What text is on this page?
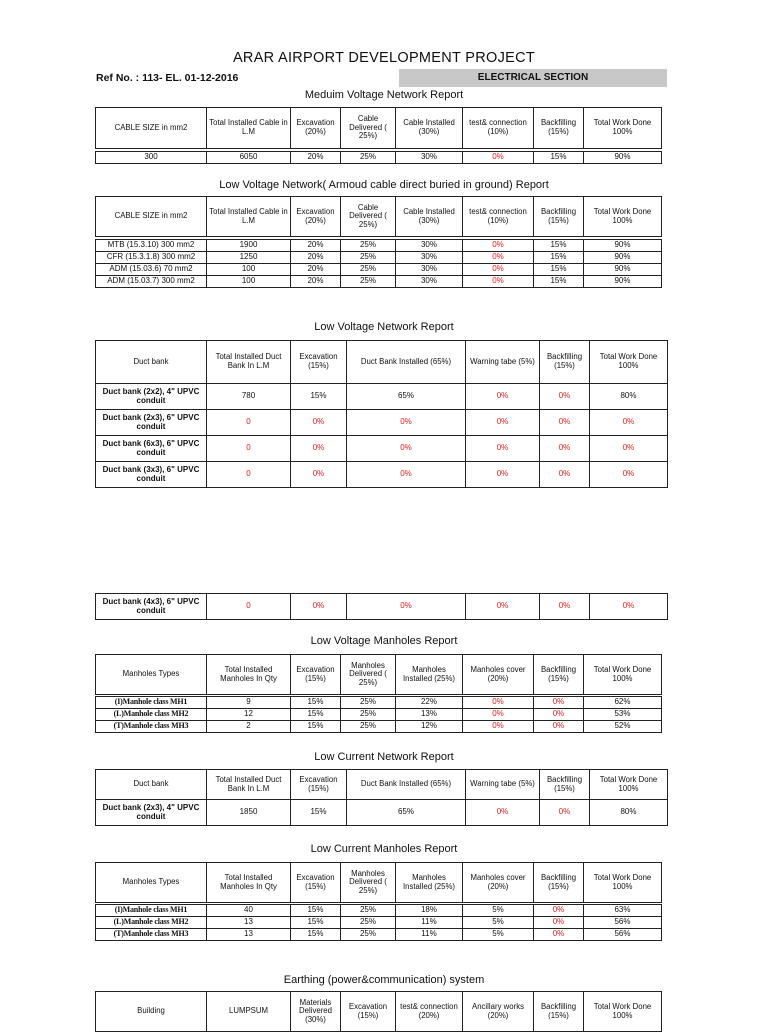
ARAR AIRPORT DEVELOPMENT PROJECT
Ref No. : 113- EL. 01-12-2016	ELECTRICAL SECTION
Meduim Voltage Network Report
CABLE SIZE in mm2	Total Installed Cable in L.M	Excavation (20%)	Cable Delivered ( 25%)	Cable Installed (30%)	test& connection (10%)	Backfilling (15%)	Total Work Done 100%

300	6050	20%	25%	30%	0%	15%	90%
Low Voltage Network( Armoud cable direct buried in ground) Report
CABLE SIZE in mm2	Total Installed Cable in L.M	Excavation (20%)	Cable Delivered ( 25%)	Cable Installed (30%)	test& connection (10%)	Backfilling (15%)	Total Work Done 100%

MTB (15.3.10) 300 mm2	1900	20%	25%	30%	0%	15%	90%
CFR (15.3.1.8) 300 mm2	1250	20%	25%	30%	0%	15%	90%
ADM (15.03.6) 70 mm2	100	20%	25%	30%	0%	15%	90%
ADM (15.03.7) 300 mm2	100	20%	25%	30%	0%	15%	90%
Low Voltage Network Report
Duct bank	Total Installed Duct Bank In L.M	Excavation (15%)	Duct Bank Installed (65%)	Warning tabe (5%)	Backfilling (15%)	Total Work Done 100%
Duct bank (2x2), 4" UPVC conduit	780	15%	65%	0%	0%	80%
Duct bank (2x3), 6" UPVC conduit	0	0%	0%	0%	0%	0%
Duct bank (6x3), 6" UPVC conduit	0	0%	0%	0%	0%	0%
Duct bank (3x3), 6" UPVC conduit	0	0%	0%	0%	0%	0%
Duct bank (4x3), 6" UPVC conduit	0	0%	0%	0%	0%	0%
Low Voltage Manholes Report
Manholes Types	Total Installed Manholes In Qty	Excavation (15%)	Manholes Delivered ( 25%)	Manholes Installed (25%)	Manholes cover (20%)	Backfilling (15%)	Total Work Done 100%

(I)Manhole class MH1	9	15%	25%	22%	0%	0%	62%
(L)Manhole class MH2	12	15%	25%	13%	0%	0%	53%
(T)Manhole class MH3	2	15%	25%	12%	0%	0%	52%
Low Current Network Report
Duct bank	Total Installed Duct Bank In L.M	Excavation (15%)	Duct Bank Installed (65%)	Warning tabe (5%)	Backfilling (15%)	Total Work Done 100%
Duct bank (2x3), 4" UPVC conduit	1850	15%	65%	0%	0%	80%
Low Current Manholes Report
Manholes Types	Total Installed Manholes In Qty	Excavation (15%)	Manholes Delivered ( 25%)	Manholes Installed (25%)	Manholes cover (20%)	Backfilling (15%)	Total Work Done 100%

(I)Manhole class MH1	40	15%	25%	18%	5%	0%	63%
(L)Manhole class MH2	13	15%	25%	11%	5%	0%	56%
(T)Manhole class MH3	13	15%	25%	11%	5%	0%	56%
Earthing (power&communication) system
Building	LUMPSUM	Materials Delivered (30%)	Excavation (15%)	test& connection (20%)	Ancillary works (20%)	Backfilling (15%)	Total Work Done 100%
